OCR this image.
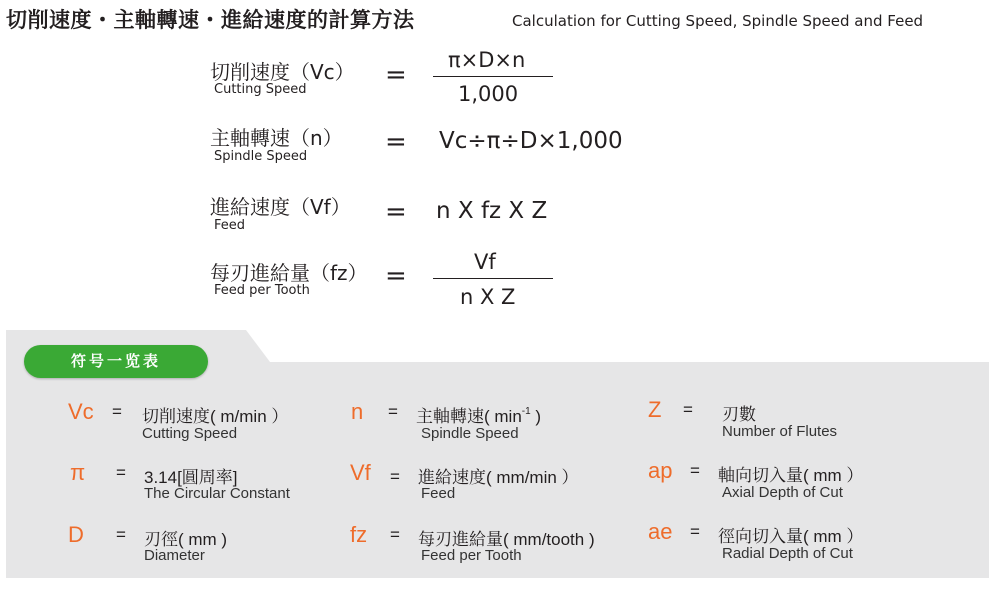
切削速度・主軸轉速・進給速度的計算方法	Calculation for Cutting Speed, Spindle Speed and Feed
切削速度（Vc）
Cutting Speed	= π×D×n
1,000
主軸轉速（n）
Spindle Speed	= Vc÷π÷D×1,000
進給速度（Vf）
Feed	= n X fz X Z
每刃進給量（fz）
Feed per Tooth	=	Vf
n X Z
符号一览表
Vc = 切削速度( m/min ）
Cutting Speed
n = 主軸轉速( $\min^{-1}$ )
Spindle Speed
Z = 刃數
Number of Flutes
π = 3.14[圓周率]
The Circular Constant
Vf = 進給速度( mm/min ）
Feed
ap = 軸向切入量( mm ）
Axial Depth of Cut
D = 刃徑( mm )
Diameter
fz = 每刃進給量( mm/tooth )
Feed per Tooth
ae = 徑向切入量( mm ）
Radial Depth of Cut
